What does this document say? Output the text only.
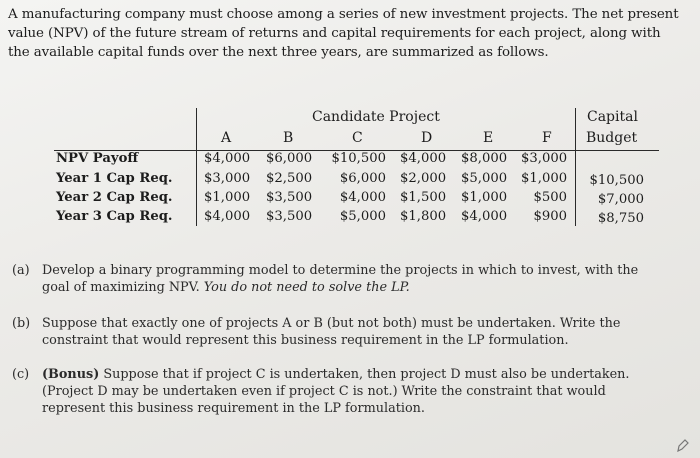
A manufacturing company must choose among a series of new investment projects. The net present
value (NPV) of the future stream of returns and capital requirements for each project, along with
the available capital funds over the next three years, are summarized as follows.
Candidate Project	Capital
Budget
A	B	C	D	E	F
NPV Payoff	$4,000 $6,000 $10,500 $4,000 $8,000 $3,000
Year 1 Cap Req. $3,000 $2,500	$6,000 $2,000 $5,000 $1,000	$10,500
Year 2 Cap Req. $1,000 $3,500	$4,000 $1,500 $1,000	$500	$7,000
Year 3 Cap Req. $4,000 $3,500	$5,000 $1,800 $4,000	$900	$8,750
(a) Develop a binary programming model to determine the projects in which to invest, with the
goal of maximizing NPV. You do not need to solve the LP.
(b) Suppose that exactly one of projects A or B (but not both) must be undertaken. Write the
constraint that would represent this business requirement in the LP formulation.
(c) (Bonus) Suppose that if project C is undertaken, then project D must also be undertaken.
(Project D may be undertaken even if project C is not.) Write the constraint that would
represent this business requirement in the LP formulation.
